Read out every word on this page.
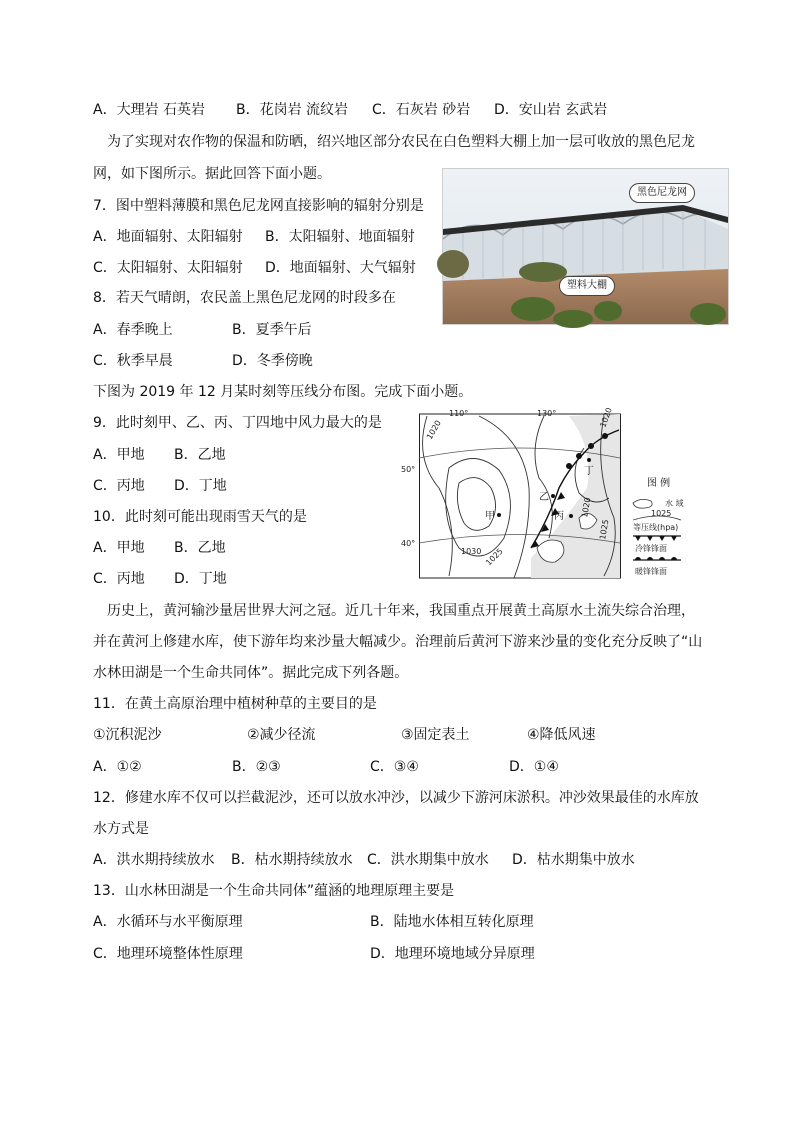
A．大理岩 石英岩 B．花岗岩 流纹岩 C．石灰岩 砂岩 D．安山岩 玄武岩
为了实现对农作物的保温和防晒，绍兴地区部分农民在白色塑料大棚上加一层可收放的黑色尼龙
网，如下图所示。据此回答下面小题。
黑色尼龙网
塑料大棚
7．图中塑料薄膜和黑色尼龙网直接影响的辐射分别是
A．地面辐射、太阳辐射 B．太阳辐射、地面辐射
C．太阳辐射、太阳辐射 D．地面辐射、大气辐射
8．若天气晴朗，农民盖上黑色尼龙网的时段多在
A．春季晚上	B．夏季午后
C．秋季早晨	D．冬季傍晚
下图为 2019 年 12 月某时刻等压线分布图。完成下面小题。
9．此时刻甲、乙、丙、丁四地中风力最大的是
A．甲地 B．乙地
C．丙地 D．丁地
10．此时刻可能出现雨雪天气的是
A．甲地 B．乙地
C．丙地 D．丁地
甲
乙
丙
丁
110°	130°
50°
40°
1020
1025
1030
1020
1025
1020
图 例
水 域
1025
等压线(hpa)
冷锋锋面
暖锋锋面
历史上，黄河输沙量居世界大河之冠。近几十年来，我国重点开展黄土高原水土流失综合治理，
并在黄河上修建水库，使下游年均来沙量大幅减少。治理前后黄河下游来沙量的变化充分反映了“山
水林田湖是一个生命共同体”。据此完成下列各题。
11．在黄土高原治理中植树种草的主要目的是
①沉积泥沙	②减少径流	③固定表土	④降低风速
A．①②	B．②③	C．③④	D．①④
12．修建水库不仅可以拦截泥沙，还可以放水冲沙，以减少下游河床淤积。冲沙效果最佳的水库放
水方式是
A．洪水期持续放水 B．枯水期持续放水 C．洪水期集中放水 D．枯水期集中放水
13．山水林田湖是一个生命共同体”蕴涵的地理原理主要是
A．水循环与水平衡原理	B．陆地水体相互转化原理
C．地理环境整体性原理	D．地理环境地域分异原理
